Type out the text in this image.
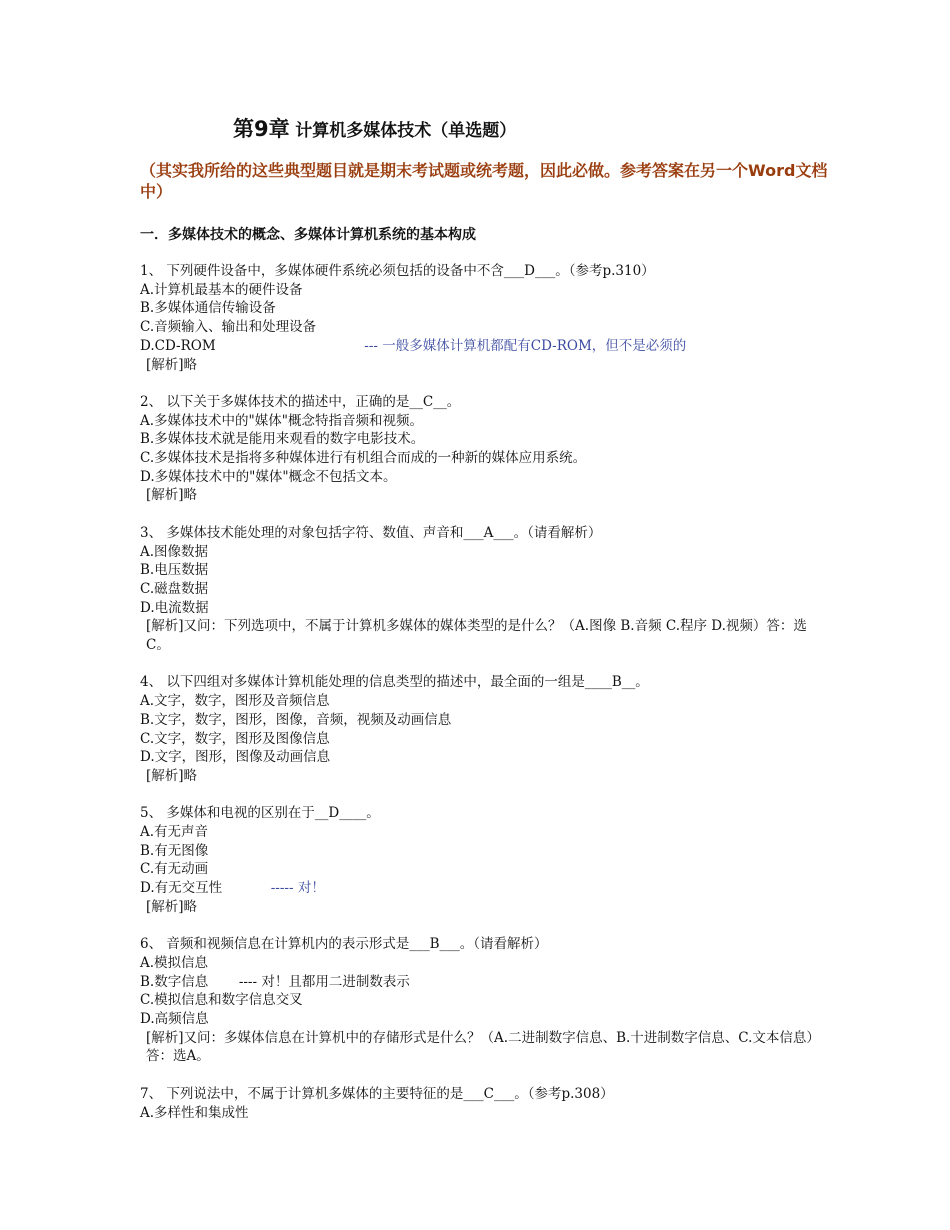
第9章 计算机多媒体技术（单选题）
（其实我所给的这些典型题目就是期末考试题或统考题，因此必做。参考答案在另一个Word文档中）
一．多媒体技术的概念、多媒体计算机系统的基本构成
1、 下列硬件设备中，多媒体硬件系统必须包括的设备中不含___D___。（参考p.310）
A.计算机最基本的硬件设备
B.多媒体通信传输设备
C.音频输入、输出和处理设备
D.CD-ROM	--- 一般多媒体计算机都配有CD-ROM，但不是必须的
[解析]略
2、 以下关于多媒体技术的描述中，正确的是__C__。
A.多媒体技术中的"媒体"概念特指音频和视频。
B.多媒体技术就是能用来观看的数字电影技术。
C.多媒体技术是指将多种媒体进行有机组合而成的一种新的媒体应用系统。
D.多媒体技术中的"媒体"概念不包括文本。
[解析]略
3、 多媒体技术能处理的对象包括字符、数值、声音和___A___。（请看解析）
A.图像数据
B.电压数据
C.磁盘数据
D.电流数据
[解析]又问：下列选项中，不属于计算机多媒体的媒体类型的是什么？（A.图像 B.音频 C.程序 D.视频）答：选C。
4、 以下四组对多媒体计算机能处理的信息类型的描述中，最全面的一组是____B__。
A.文字，数字，图形及音频信息
B.文字，数字，图形，图像，音频，视频及动画信息
C.文字，数字，图形及图像信息
D.文字，图形，图像及动画信息
[解析]略
5、 多媒体和电视的区别在于__D____。
A.有无声音
B.有无图像
C.有无动画
D.有无交互性	----- 对！
[解析]略
6、 音频和视频信息在计算机内的表示形式是___B___。（请看解析）
A.模拟信息
B.数字信息 ---- 对！且都用二进制数表示
C.模拟信息和数字信息交叉
D.高频信息
[解析]又问：多媒体信息在计算机中的存储形式是什么？（A.二进制数字信息、B.十进制数字信息、C.文本信息）答：选A。
7、 下列说法中，不属于计算机多媒体的主要特征的是___C___。（参考p.308）
A.多样性和集成性
